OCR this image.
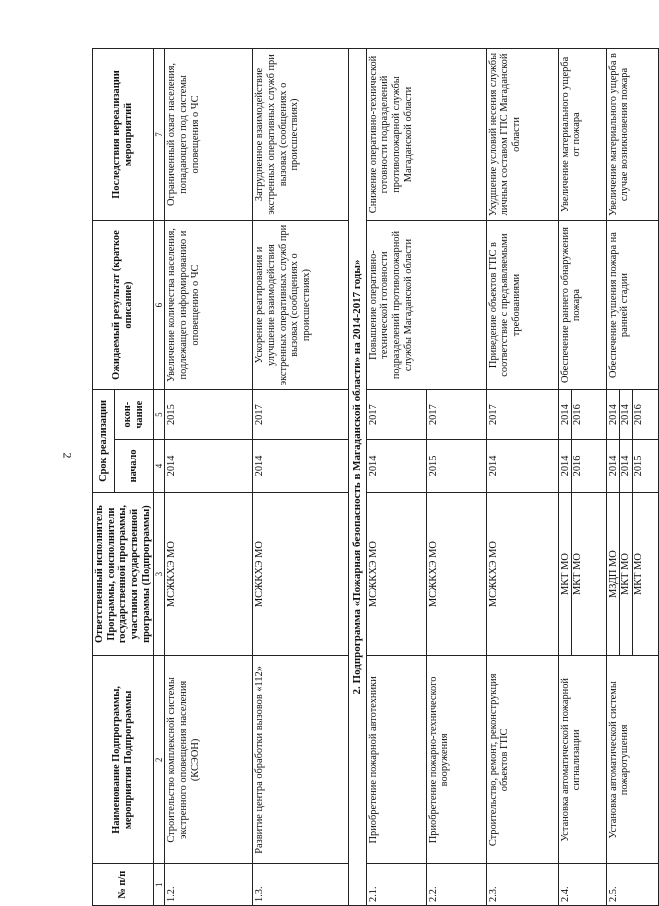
2
№ п/п	Наименование Подпрограммы, мероприятия Подпрограммы	Ответственный исполнитель Программы, соисполнители государственной программы, участники государственной программы (Подпрограммы)	Срок реализации		Ожидаемый результат (краткое описание)	Последствия нереализации мероприятий
			начало	окон-чание		
1	2	3	4	5	6	7
1.2.	Строительство комплексной системы экстренного оповещения населения (КСЭОН)	МСЖКХЭ МО	2014	2015	Увеличение количества населения, подлежащего информированию и оповещению о ЧС	Ограниченный охват населения, попадающего под системы оповещения о ЧС
1.3.	Развитие центра обработки вызовов «112»	МСЖКХЭ МО	2014	2017	Ускорение реагирования и улучшение взаимодействия экстренных оперативных служб при вызовах (сообщениях о происшествиях)	Затрудненное взаимодействие экстренных оперативных служб при вызовах (сообщениях о происшествиях)
2. Подпрограмма «Пожарная безопасность в Магаданской области» на 2014-2017 годы»						
2.1.	Приобретение пожарной автотехники	МСЖКХЭ МО	2014	2017	Повышение оперативно-технической готовности подразделений противопожарной службы Магаданской области	Снижение оперативно-технической готовности подразделений противопожарной службы Магаданской области
2.2.	Приобретение пожарно-технического вооружения	МСЖКХЭ МО	2015	2017		
2.3.	Строительство, ремонт, реконструкция объектов ГПС	МСЖКХЭ МО	2014	2017	Приведение объектов ГПС в соответствие с предъявляемыми требованиями	Ухудшение условий несения службы личным составом ГПС Магаданской области
2.4.	Установка автоматической пожарной сигнализации	МКТ МО МКТ МО	2014 2016	2014 2016	Обеспечение раннего обнаружения пожара	Увеличение материального ущерба от пожара
2.5.	Установка автоматической системы пожаротушения	МЗДП МО МКТ МО МКТ МО	2014 2014 2015	2014 2014 2016	Обеспечение тушения пожара на ранней стадии	Увеличение материального ущерба в случае возникновения пожара
